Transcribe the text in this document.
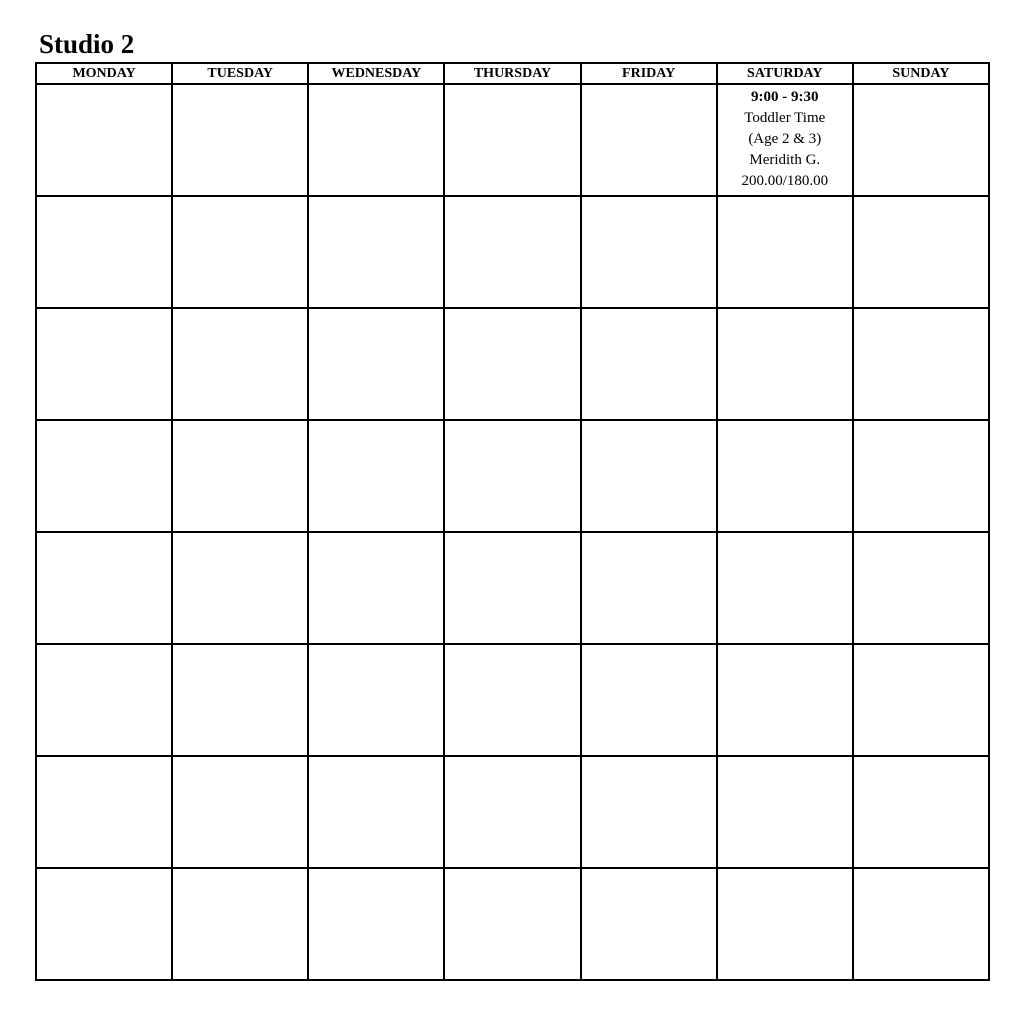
Studio 2
MONDAY	TUESDAY	WEDNESDAY	THURSDAY	FRIDAY	SATURDAY	SUNDAY

					9:00 - 9:30
Toddler Time
(Age 2 & 3)
Meridith G.
200.00/180.00	
